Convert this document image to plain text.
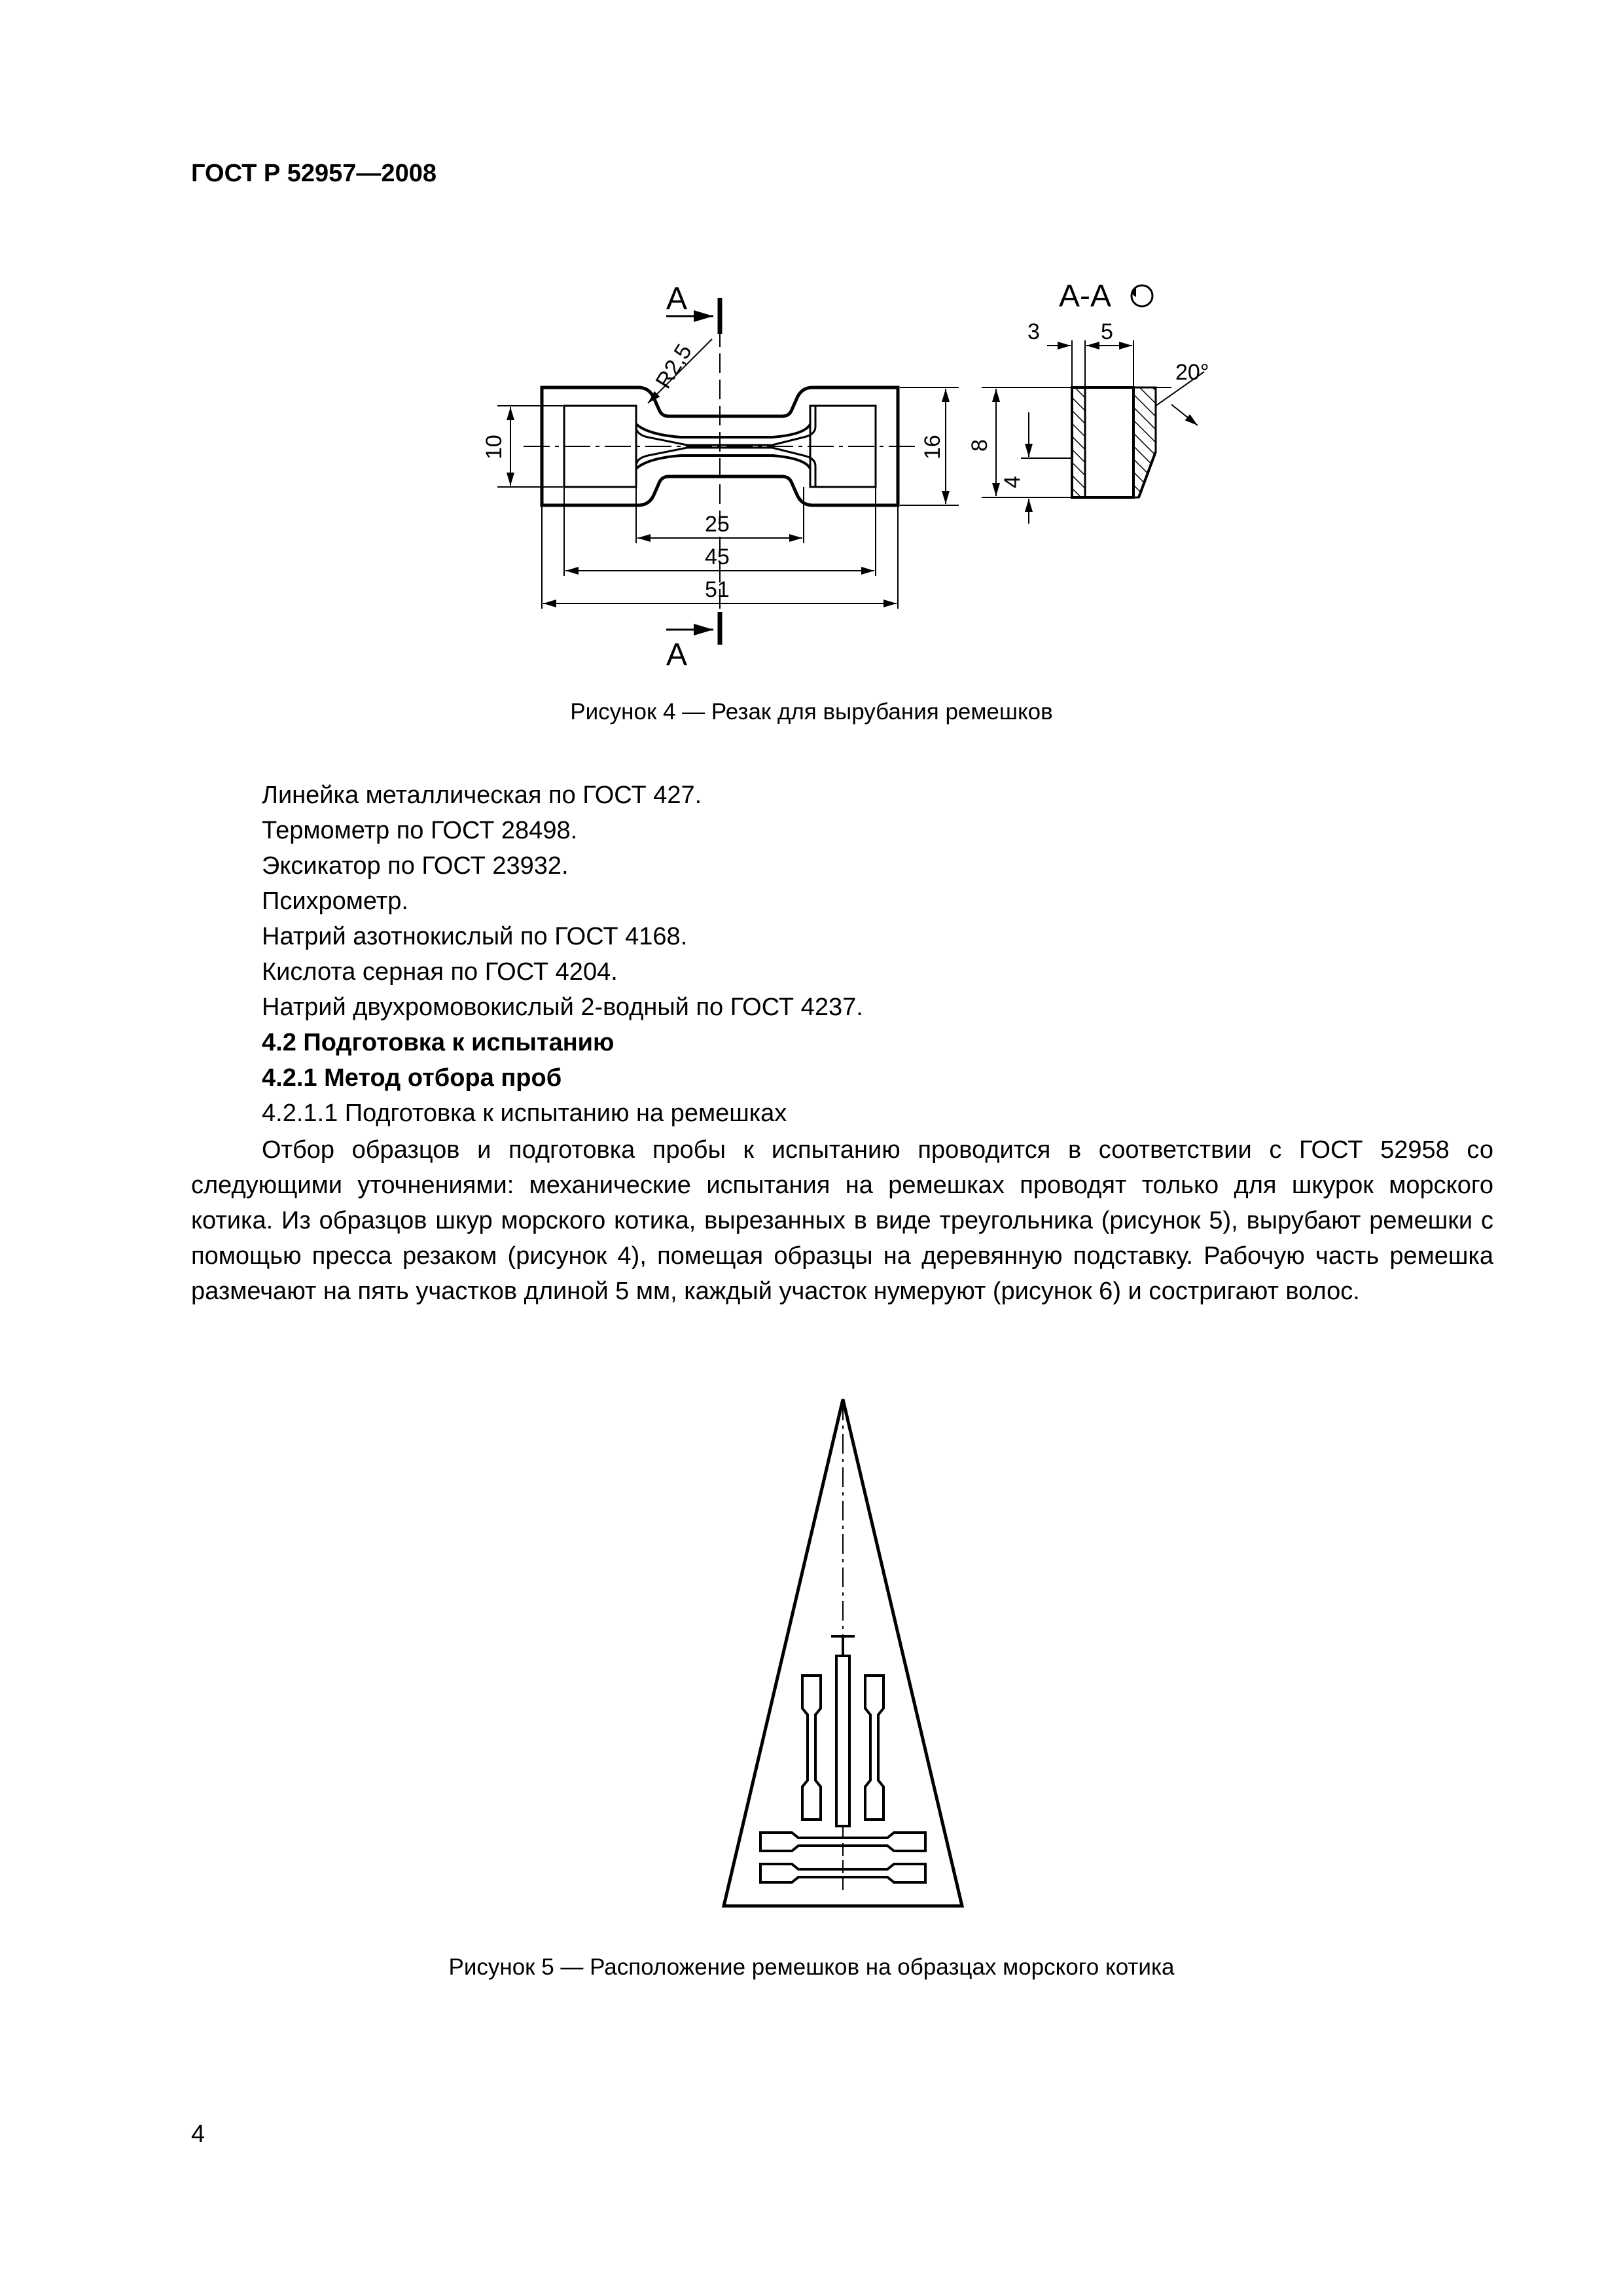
ГОСТ Р 52957—2008
А
А
R2,5
10	16
25
45
51
А-А
3	5
20°
8
4
Рисунок 4 — Резак для вырубания ремешков
Линейка металлическая по ГОСТ 427.
Термометр по ГОСТ 28498.
Эксикатор по ГОСТ 23932.
Психрометр.
Натрий азотнокислый по ГОСТ 4168.
Кислота серная по ГОСТ 4204.
Натрий двухромовокислый 2-водный по ГОСТ 4237.
4.2 Подготовка к испытанию
4.2.1 Метод отбора проб
4.2.1.1 Подготовка к испытанию на ремешках
Отбор образцов и подготовка пробы к испытанию проводится в соответствии с ГОСТ 52958 со следующими уточнениями: механические испытания на ремешках проводят только для шкурок морского котика. Из образцов шкур морского котика, вырезанных в виде треугольника (рисунок 5), вырубают ремешки с помощью пресса резаком (рисунок 4), помещая образцы на деревянную подставку. Рабочую часть ремешка размечают на пять участков длиной 5 мм, каждый участок нумеруют (рисунок 6) и состригают волос.
Рисунок 5 — Расположение ремешков на образцах морского котика
4
